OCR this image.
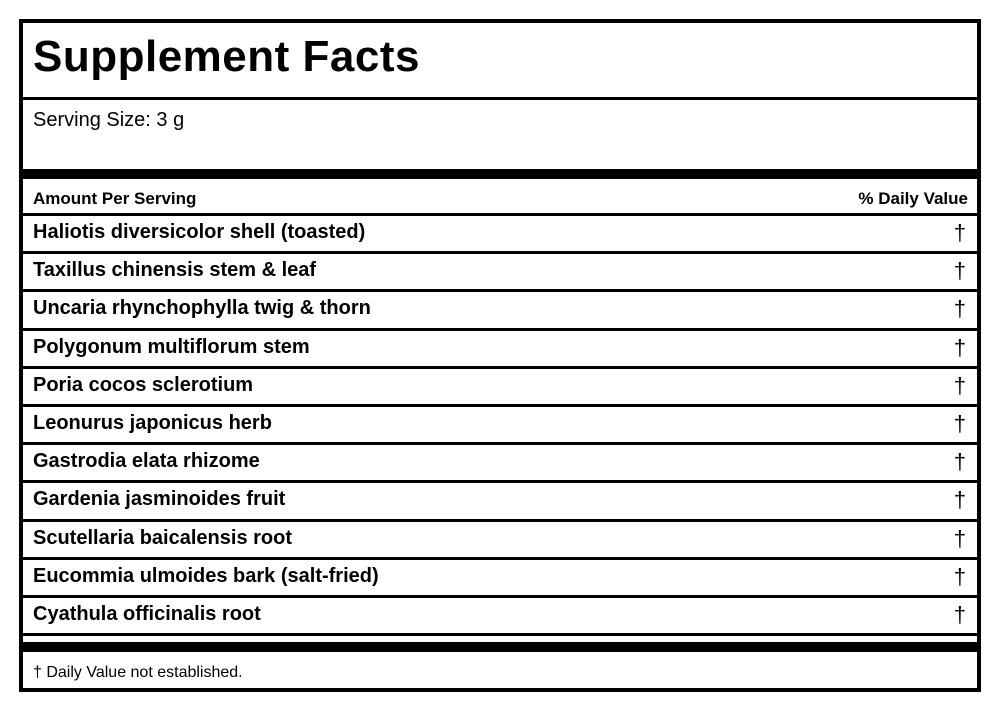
Supplement Facts
Serving Size: 3 g
Amount Per Serving	% Daily Value
Haliotis diversicolor shell (toasted)	†
Taxillus chinensis stem & leaf	†
Uncaria rhynchophylla twig & thorn	†
Polygonum multiflorum stem	†
Poria cocos sclerotium	†
Leonurus japonicus herb	†
Gastrodia elata rhizome	†
Gardenia jasminoides fruit	†
Scutellaria baicalensis root	†
Eucommia ulmoides bark (salt-fried)	†
Cyathula officinalis root	†
† Daily Value not established.
